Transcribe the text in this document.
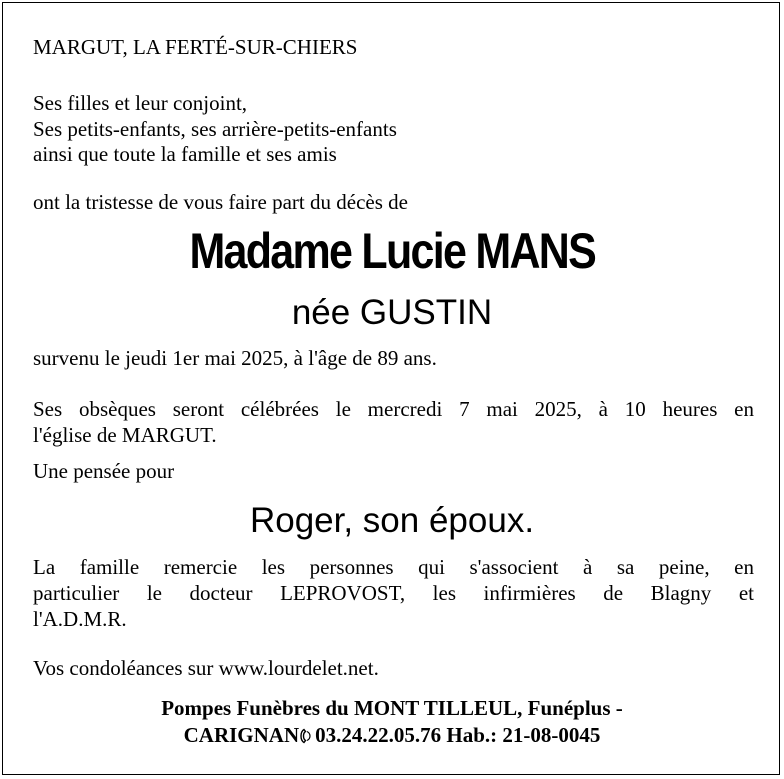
MARGUT, LA FERTÉ-SUR-CHIERS
Ses filles et leur conjoint,
Ses petits-enfants, ses arrière-petits-enfants
ainsi que toute la famille et ses amis
ont la tristesse de vous faire part du décès de
Madame Lucie MANS
née GUSTIN
survenu le jeudi 1er mai 2025, à l'âge de 89 ans.
Ses obsèques seront célébrées le mercredi 7 mai 2025, à 10 heures en
l'église de MARGUT.
Une pensée pour
Roger, son époux.
La famille remercie les personnes qui s'associent à sa peine, en
particulier le docteur LEPROVOST, les infirmières de Blagny et
l'A.D.M.R.
Vos condoléances sur www.lourdelet.net.
Pompes Funèbres du MONT TILLEUL, Funéplus -
CARIGNAN 03.24.22.05.76 Hab.: 21-08-0045
